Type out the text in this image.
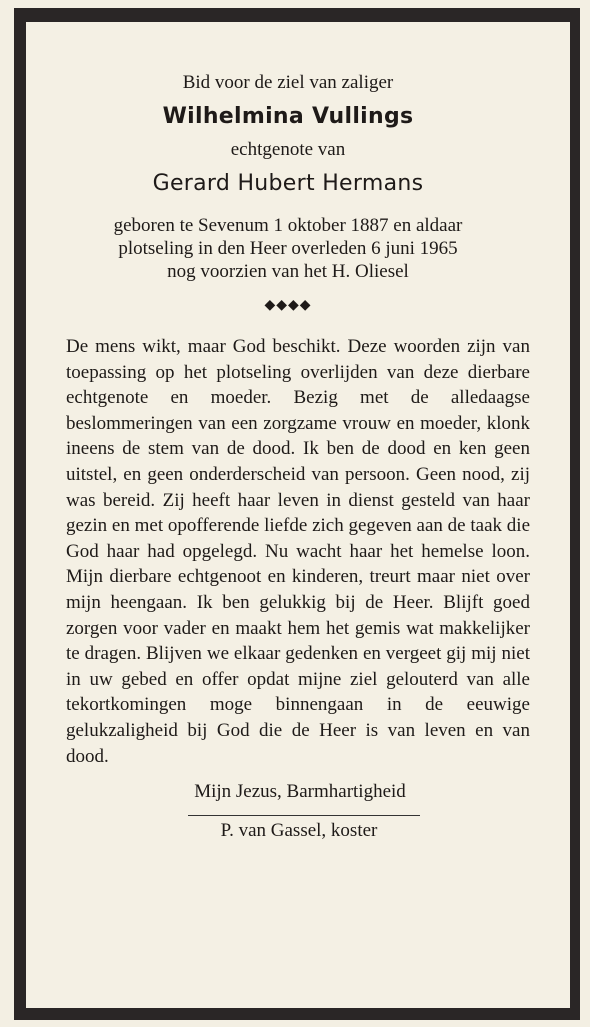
Bid voor de ziel van zaliger

Wilhelmina Vullings

echtgenote van

Gerard Hubert Hermans

geboren te Sevenum 1 oktober 1887 en aldaar
plotseling in den Heer overleden 6 juni 1965
nog voorzien van het H. Oliesel
◆◆◆◆

De mens wikt, maar God beschikt. Deze woorden zijn van toepassing op het plotseling overlijden van deze dierbare echtgenote en moeder. Bezig met de alledaagse beslommeringen van een zorgzame vrouw en moeder, klonk ineens de stem van de dood. Ik ben de dood en ken geen uitstel, en geen onderderscheid van persoon. Geen nood, zij was bereid. Zij heeft haar leven in dienst gesteld van haar gezin en met opofferende liefde zich gegeven aan de taak die God haar had opgelegd. Nu wacht haar het hemelse loon. Mijn dierbare echtgenoot en kinderen, treurt maar niet over mijn heengaan. Ik ben gelukkig bij de Heer. Blijft goed zorgen voor vader en maakt hem het gemis wat makkelijker te dragen. Blijven we elkaar gedenken en vergeet gij mij niet in uw gebed en offer opdat mijne ziel gelouterd van alle tekortkomingen moge binnengaan in de eeuwige gelukzaligheid bij God die de Heer is van leven en van dood.

Mijn Jezus, Barmhartigheid

P. van Gassel, koster
